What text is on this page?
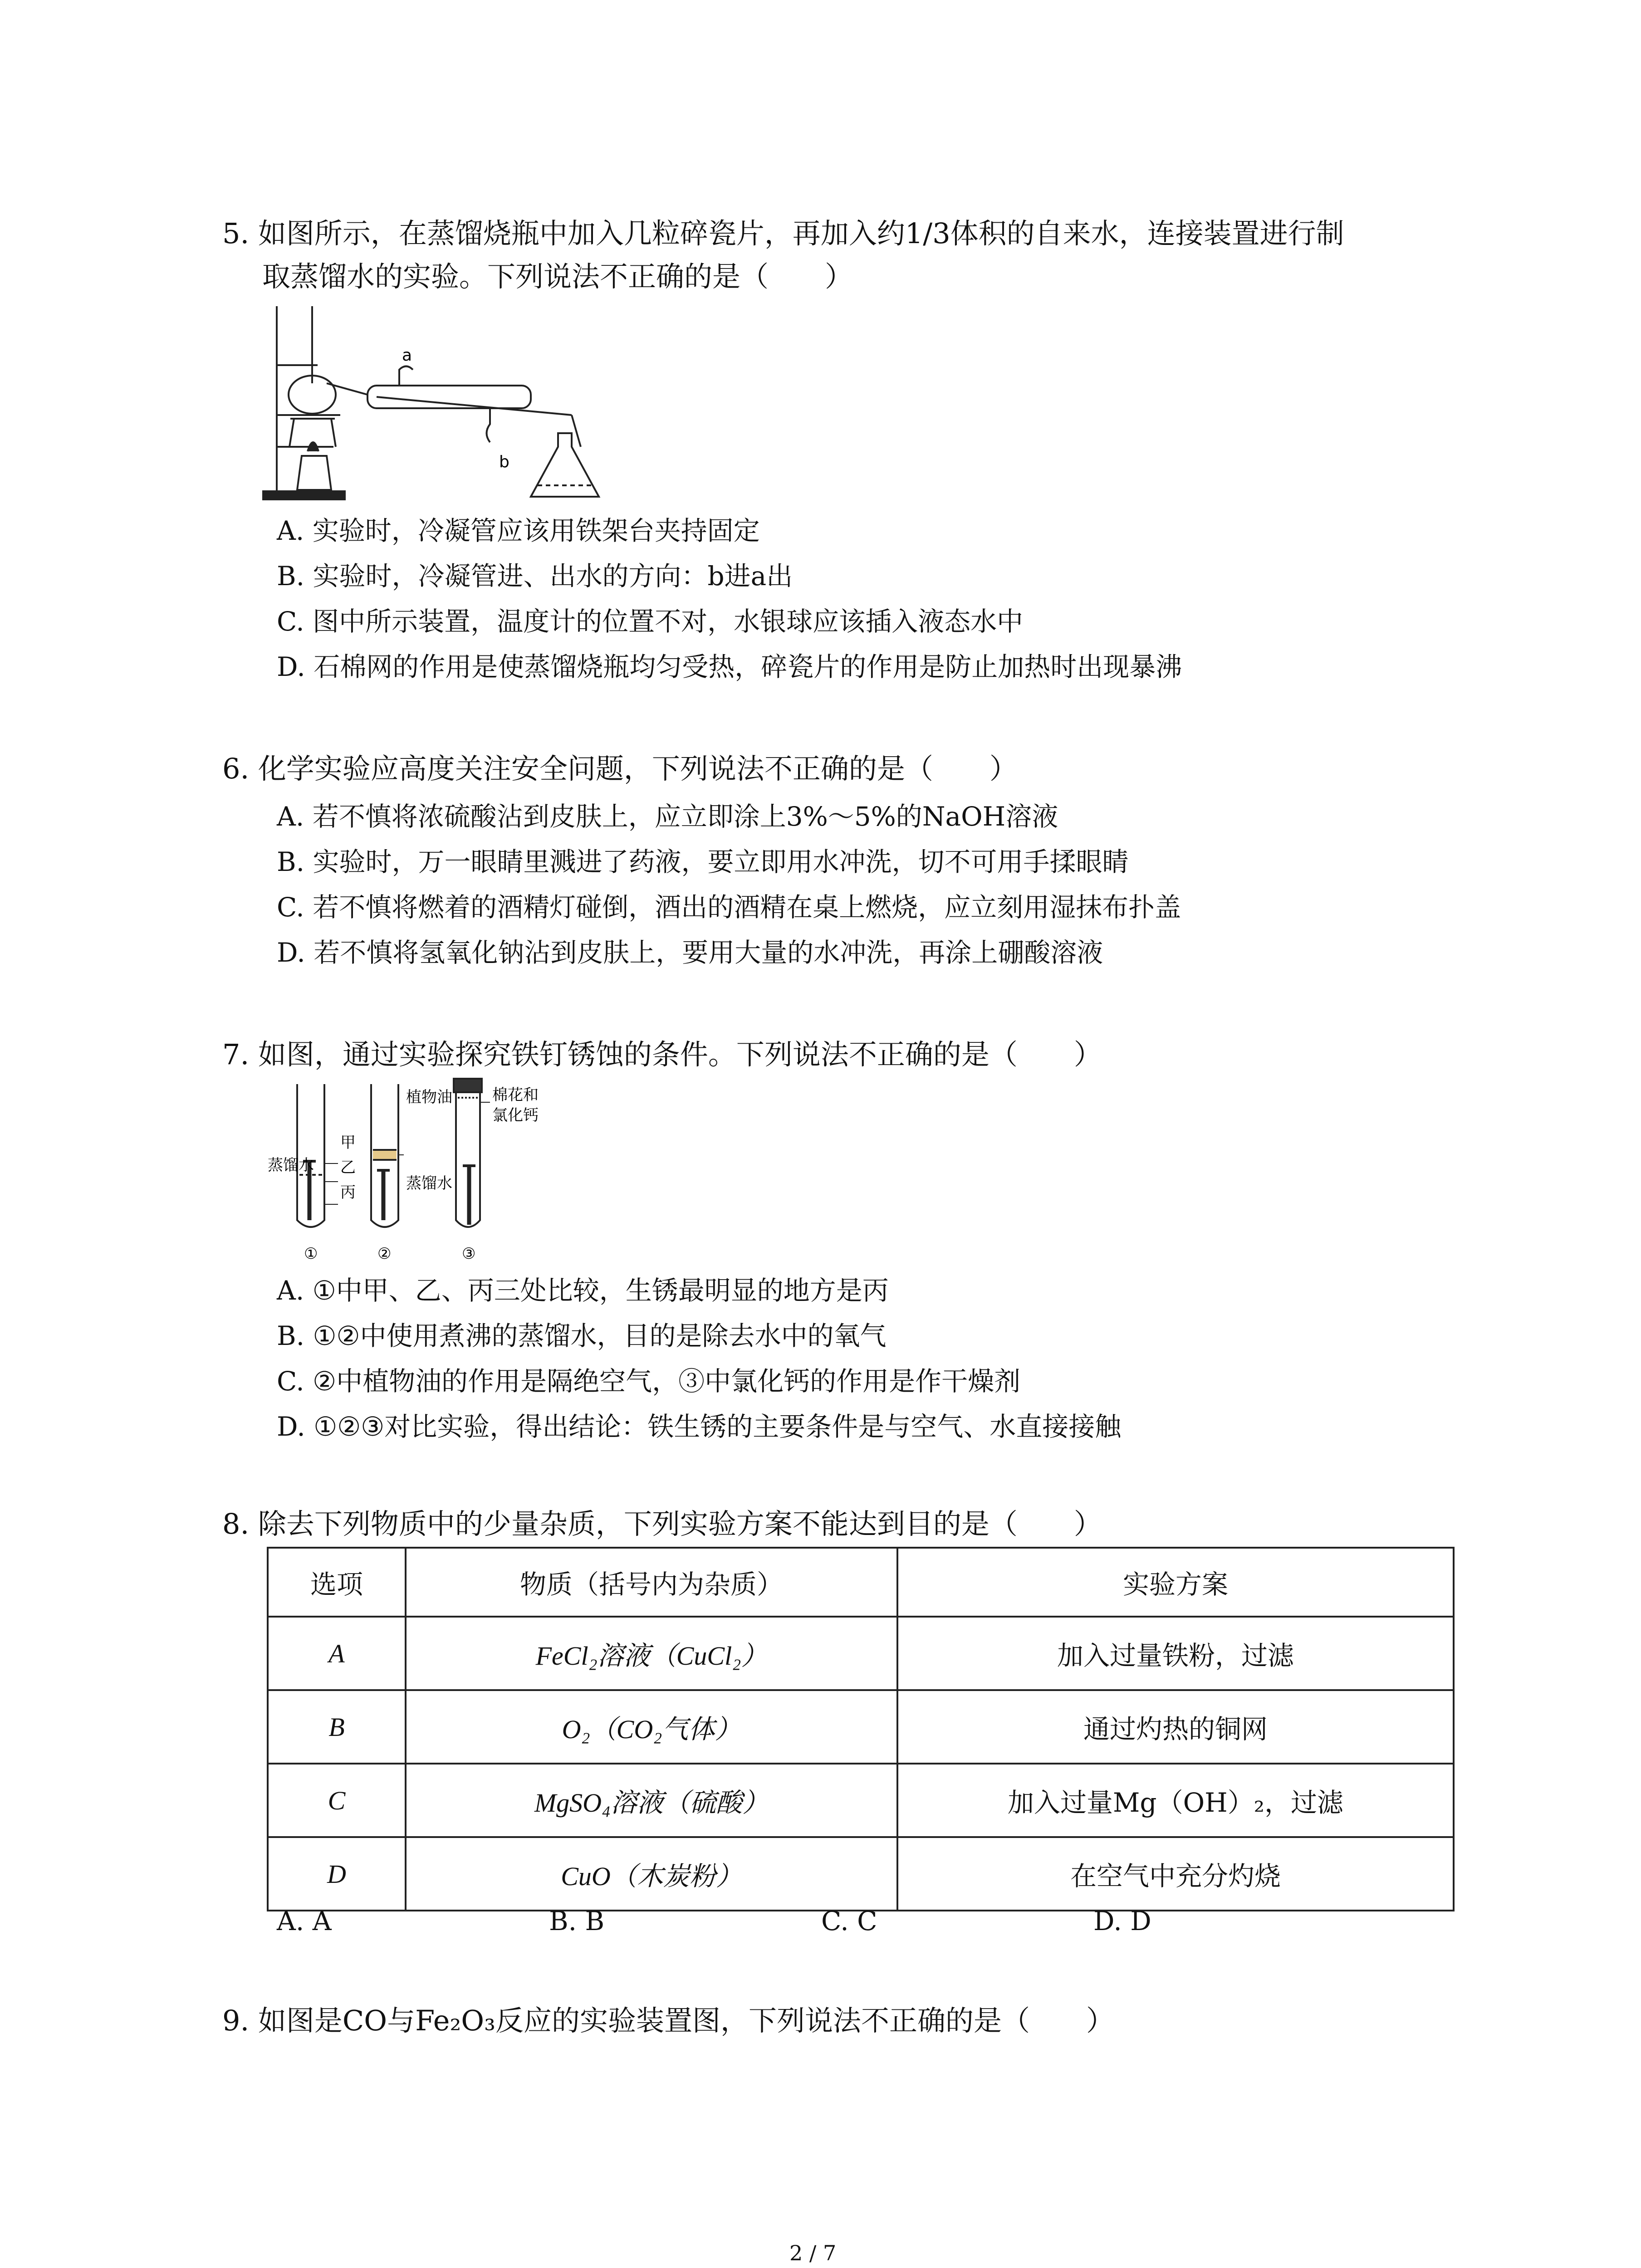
5. 如图所示，在蒸馏烧瓶中加入几粒碎瓷片，再加入约1/3体积的自来水，连接装置进行制
取蒸馏水的实验。下列说法不正确的是（　　）
a
b
A. 实验时，冷凝管应该用铁架台夹持固定
B. 实验时，冷凝管进、出水的方向：b进a出
C. 图中所示装置，温度计的位置不对，水银球应该插入液态水中
D. 石棉网的作用是使蒸馏烧瓶均匀受热，碎瓷片的作用是防止加热时出现暴沸
6. 化学实验应高度关注安全问题，下列说法不正确的是（　　）
A. 若不慎将浓硫酸沾到皮肤上，应立即涂上3%～5%的NaOH溶液
B. 实验时，万一眼睛里溅进了药液，要立即用水冲洗，切不可用手揉眼睛
C. 若不慎将燃着的酒精灯碰倒，酒出的酒精在桌上燃烧，应立刻用湿抹布扑盖
D. 若不慎将氢氧化钠沾到皮肤上，要用大量的水冲洗，再涂上硼酸溶液
7. 如图，通过实验探究铁钉锈蚀的条件。下列说法不正确的是（　　）
蒸馏水
甲
乙
丙
植物油
蒸馏水
棉花和
氯化钙
①	②	③
A. ①中甲、乙、丙三处比较，生锈最明显的地方是丙
B. ①②中使用煮沸的蒸馏水，目的是除去水中的氧气
C. ②中植物油的作用是隔绝空气，③中氯化钙的作用是作干燥剂
D. ①②③对比实验，得出结论：铁生锈的主要条件是与空气、水直接接触
8. 除去下列物质中的少量杂质，下列实验方案不能达到目的是（　　）
选项	物质（括号内为杂质）	实验方案
A	FeCl₂溶液（CuCl₂）	加入过量铁粉，过滤
B	O₂（CO₂气体）	通过灼热的铜网
C	MgSO₄溶液（硫酸）	加入过量Mg（OH）₂，过滤
D	CuO（木炭粉）	在空气中充分灼烧
A. A	B. B	C. C	D. D
9. 如图是CO与Fe₂O₃反应的实验装置图，下列说法不正确的是（　　）
2 / 7
